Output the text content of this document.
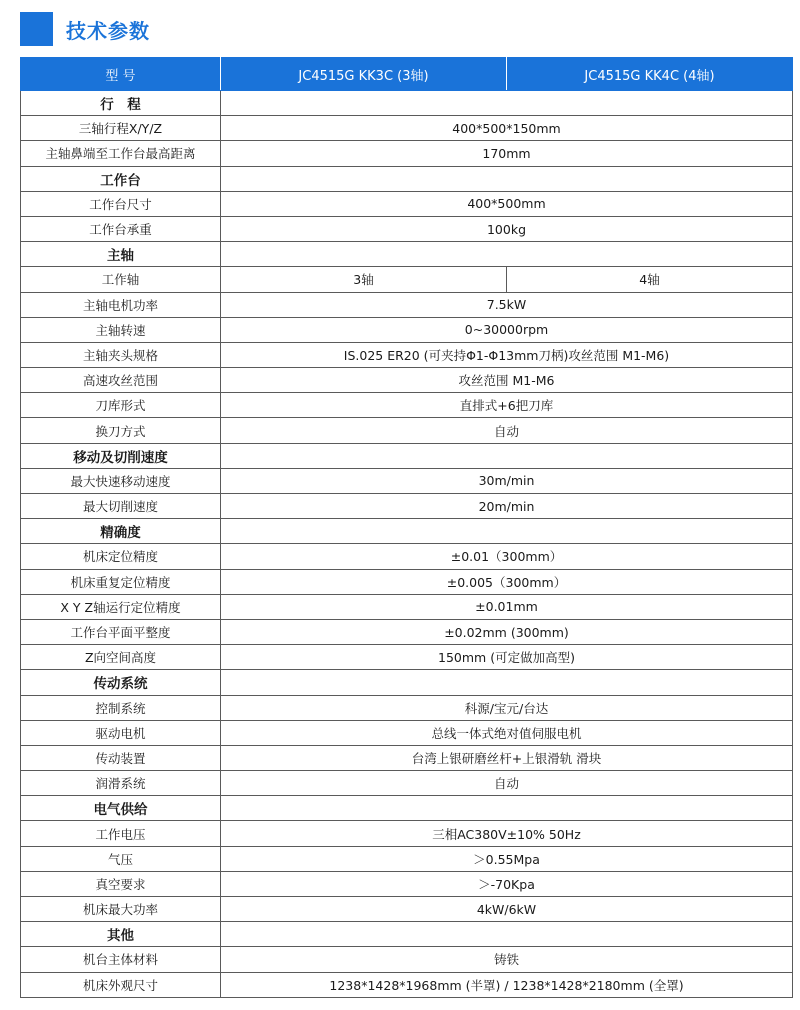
技术参数
型 号	JC4515G KK3C (3轴)	JC4515G KK4C (4轴)
行　程		
三轴行程X/Y/Z	400*500*150mm	
主轴鼻端至工作台最高距离	170mm	
工作台		
工作台尺寸	400*500mm	
工作台承重	100kg	
主轴		
工作轴	3轴	4轴
主轴电机功率	7.5kW	
主轴转速	0~30000rpm	
主轴夹头规格	IS.025 ER20 (可夹持Φ1-Φ13mm刀柄)攻丝范围 M1-M6)	
高速攻丝范围	攻丝范围 M1-M6	
刀库形式	直排式+6把刀库	
换刀方式	自动	
移动及切削速度		
最大快速移动速度	30m/min	
最大切削速度	20m/min	
精确度		
机床定位精度	±0.01（300mm）	
机床重复定位精度	±0.005（300mm）	
X Y Z轴运行定位精度	±0.01mm	
工作台平面平整度	±0.02mm (300mm)	
Z向空间高度	150mm (可定做加高型)	
传动系统		
控制系统	科源/宝元/台达	
驱动电机	总线一体式绝对值伺服电机	
传动装置	台湾上银研磨丝杆+上银滑轨 滑块	
润滑系统	自动	
电气供给		
工作电压	三相AC380V±10% 50Hz	
气压	＞0.55Mpa	
真空要求	＞-70Kpa	
机床最大功率	4kW/6kW	
其他		
机台主体材料	铸铁	
机床外观尺寸	1238*1428*1968mm (半罩) / 1238*1428*2180mm (全罩)	
